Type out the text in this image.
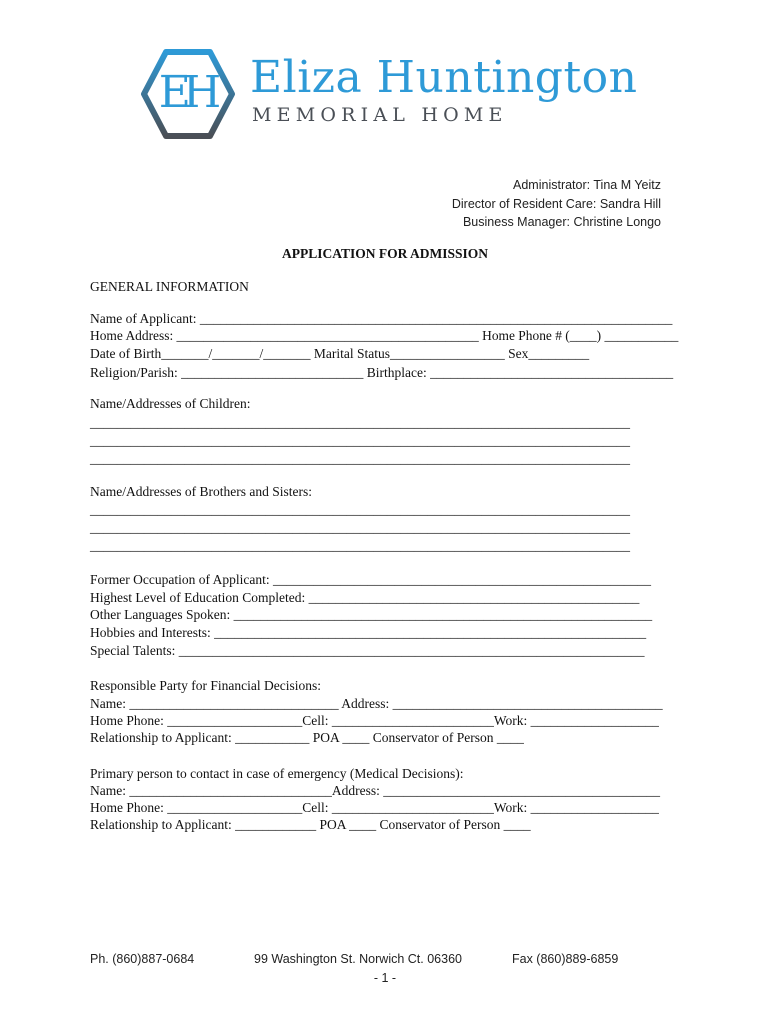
EH Eliza Huntington
MEMORIAL HOME
Administrator: Tina M Yeitz
Director of Resident Care: Sandra Hill
Business Manager: Christine Longo
APPLICATION FOR ADMISSION
GENERAL INFORMATION
Name of Applicant: ______________________________________________________________________
Home Address: _____________________________________________ Home Phone # (____) ___________
Date of Birth_______/_______/_______ Marital Status_________________ Sex_________
Religion/Parish: ___________________________ Birthplace: ____________________________________
Name/Addresses of Children:
________________________________________________________________________________
________________________________________________________________________________
________________________________________________________________________________
Name/Addresses of Brothers and Sisters:
________________________________________________________________________________
________________________________________________________________________________
________________________________________________________________________________
Former Occupation of Applicant: ________________________________________________________
Highest Level of Education Completed: _________________________________________________
Other Languages Spoken: ______________________________________________________________
Hobbies and Interests: ________________________________________________________________
Special Talents: _____________________________________________________________________
Responsible Party for Financial Decisions:
Name: _______________________________ Address: ________________________________________
Home Phone: ____________________Cell: ________________________Work: ___________________
Relationship to Applicant: ___________ POA ____ Conservator of Person ____
Primary person to contact in case of emergency (Medical Decisions):
Name: ______________________________Address: _________________________________________
Home Phone: ____________________Cell: ________________________Work: ___________________
Relationship to Applicant: ____________ POA ____ Conservator of Person ____
Ph. (860)887-0684	99 Washington St. Norwich Ct. 06360	Fax (860)889-6859
- 1 -
